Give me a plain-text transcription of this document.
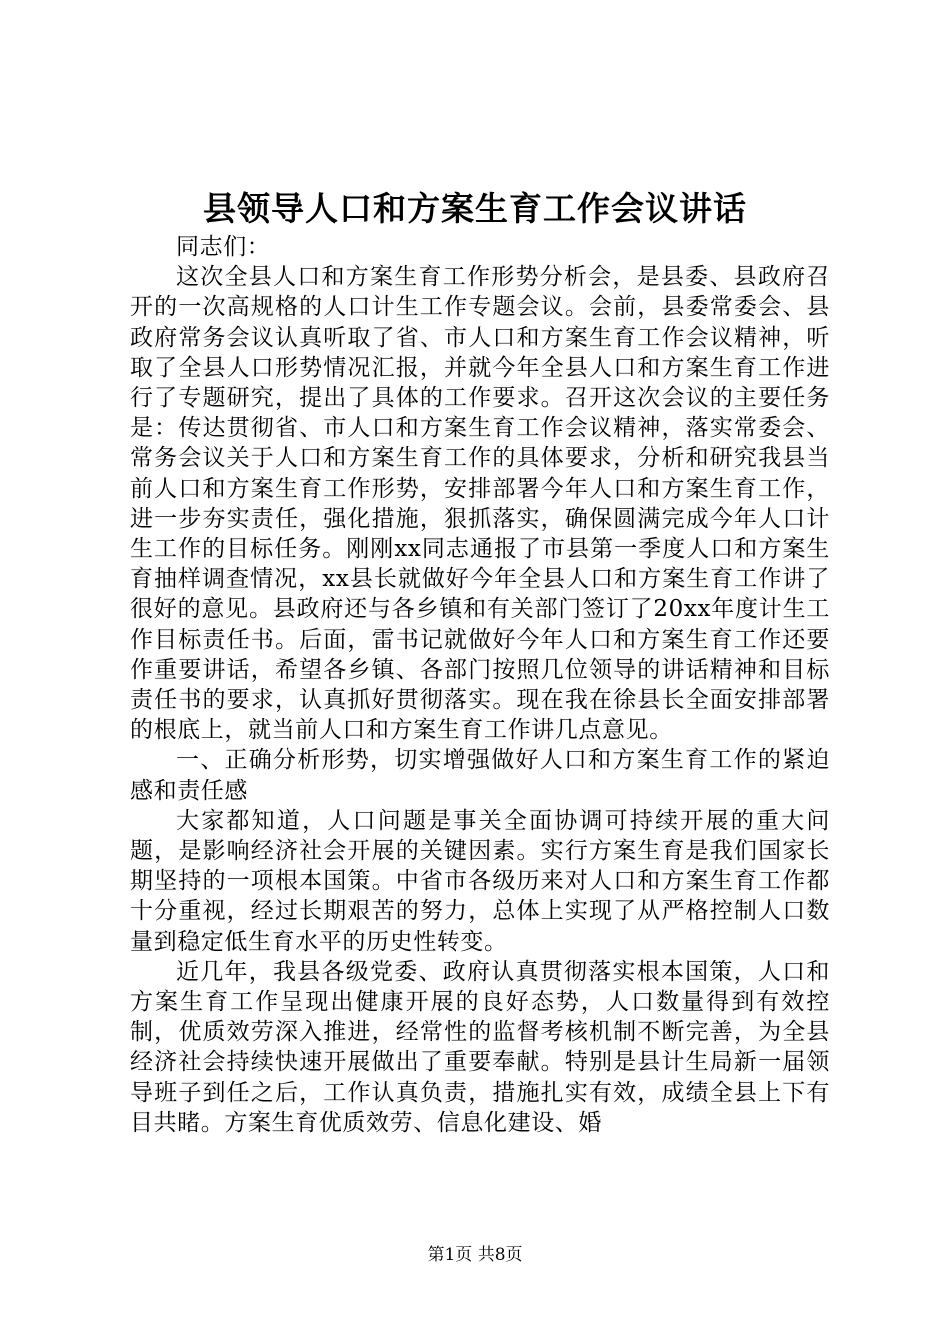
县领导人口和方案生育工作会议讲话

同志们：

这次全县人口和方案生育工作形势分析会，是县委、县政府召开的一次高规格的人口计生工作专题会议。会前，县委常委会、县政府常务会议认真听取了省、市人口和方案生育工作会议精神，听取了全县人口形势情况汇报，并就今年全县人口和方案生育工作进行了专题研究，提出了具体的工作要求。召开这次会议的主要任务是：传达贯彻省、市人口和方案生育工作会议精神，落实常委会、常务会议关于人口和方案生育工作的具体要求，分析和研究我县当前人口和方案生育工作形势，安排部署今年人口和方案生育工作，进一步夯实责任，强化措施，狠抓落实，确保圆满完成今年人口计生工作的目标任务。刚刚xx同志通报了市县第一季度人口和方案生育抽样调查情况，xx县长就做好今年全县人口和方案生育工作讲了很好的意见。县政府还与各乡镇和有关部门签订了20xx年度计生工作目标责任书。后面，雷书记就做好今年人口和方案生育工作还要作重要讲话，希望各乡镇、各部门按照几位领导的讲话精神和目标责任书的要求，认真抓好贯彻落实。现在我在徐县长全面安排部署的根底上，就当前人口和方案生育工作讲几点意见。

一、正确分析形势，切实增强做好人口和方案生育工作的紧迫感和责任感

大家都知道，人口问题是事关全面协调可持续开展的重大问题，是影响经济社会开展的关键因素。实行方案生育是我们国家长期坚持的一项根本国策。中省市各级历来对人口和方案生育工作都十分重视，经过长期艰苦的努力，总体上实现了从严格控制人口数量到稳定低生育水平的历史性转变。

近几年，我县各级党委、政府认真贯彻落实根本国策，人口和方案生育工作呈现出健康开展的良好态势，人口数量得到有效控制，优质效劳深入推进，经常性的监督考核机制不断完善，为全县经济社会持续快速开展做出了重要奉献。特别是县计生局新一届领导班子到任之后，工作认真负责，措施扎实有效，成绩全县上下有目共睹。方案生育优质效劳、信息化建设、婚

第1页 共8页
